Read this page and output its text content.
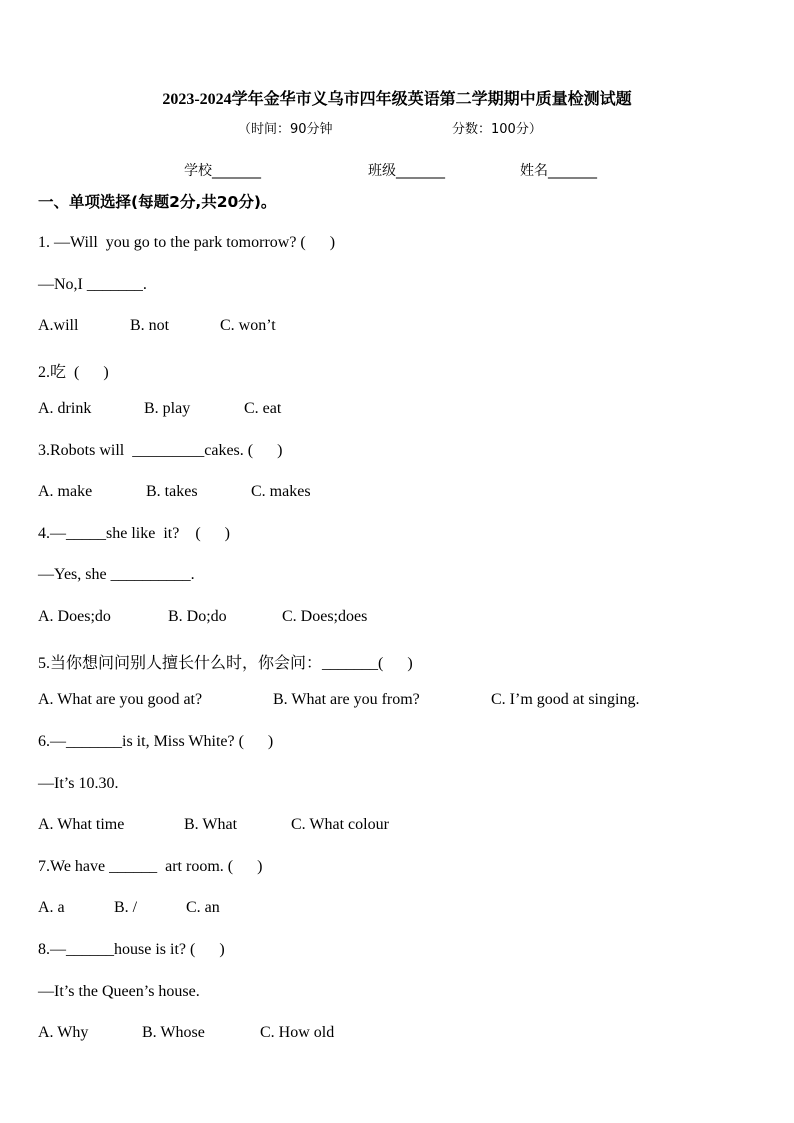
2023-2024学年金华市义乌市四年级英语第二学期期中质量检测试题
（时间：90分钟	分数：100分）
学校_______	班级_______	姓名_______
一、单项选择(每题2分,共20分)。
1. —Will  you go to the park tomorrow? (      )
—No,I _______.
A.will	B. not	C. won’t
2.吃  (      )
A. drink	B. play	C. eat
3.Robots will  _________cakes. (      )
A. make	B. takes	C. makes
4.—_____she like  it?    (      )
—Yes, she __________.
A. Does;do	B. Do;do	C. Does;does
5.当你想问问别人擅长什么时，你会问：_______(      )
A. What are you good at?	B. What are you from?	C. I’m good at singing.
6.—_______is it, Miss White? (      )
—It’s 10.30.
A. What time	B. What	C. What colour
7.We have ______  art room. (      )
A. a	B. /	C. an
8.—______house is it? (      )
—It’s the Queen’s house.
A. Why	B. Whose	C. How old
